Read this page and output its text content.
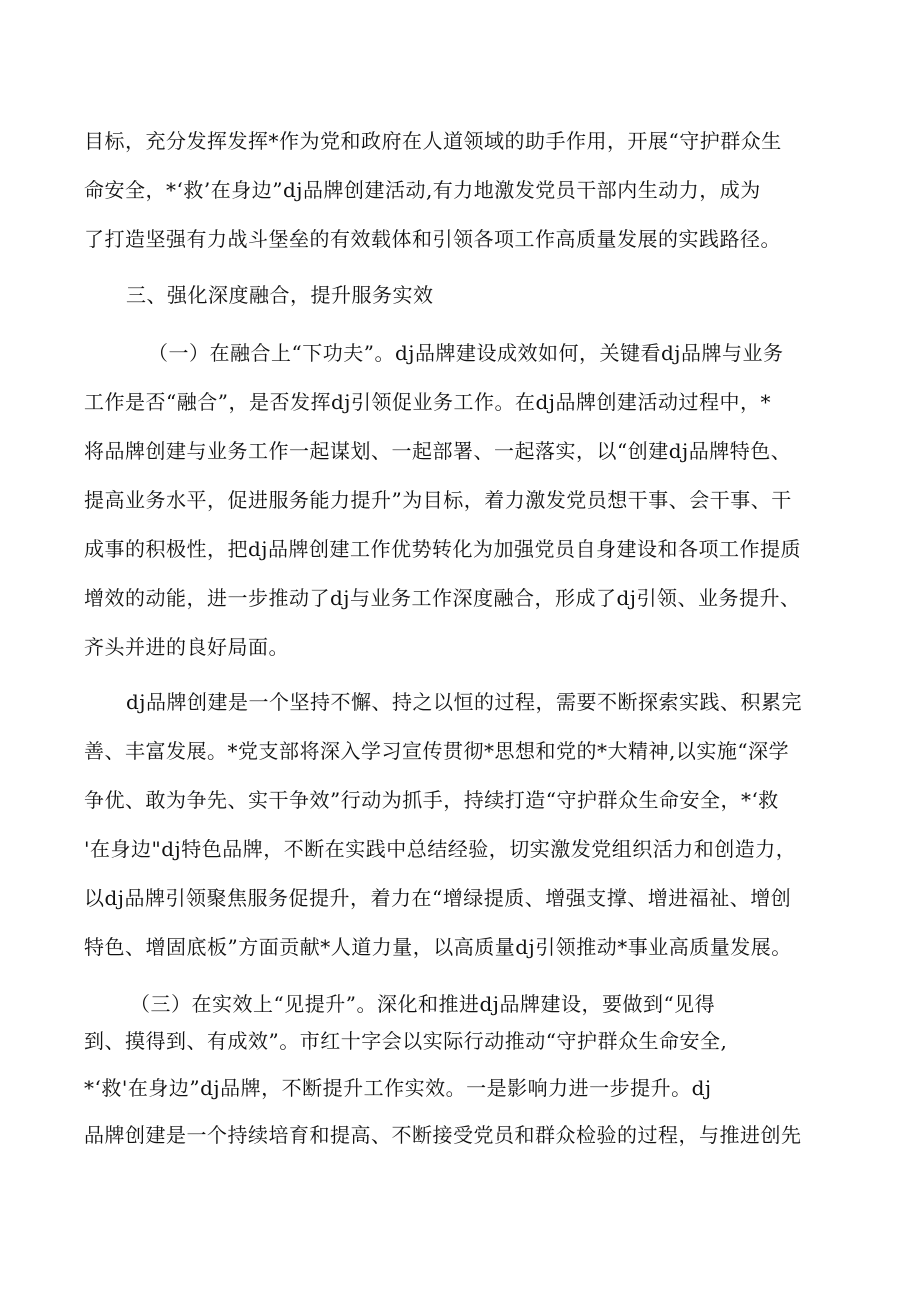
目标，充分发挥发挥*作为党和政府在人道领域的助手作用，开展“守护群众生
命安全，*‘救’在身边”dj品牌创建活动,有力地激发党员干部内生动力，成为
了打造坚强有力战斗堡垒的有效载体和引领各项工作高质量发展的实践路径。
三、强化深度融合，提升服务实效
（一）在融合上“下功夫”。dj品牌建设成效如何，关键看dj品牌与业务
工作是否“融合”，是否发挥dj引领促业务工作。在dj品牌创建活动过程中，*
将品牌创建与业务工作一起谋划、一起部署、一起落实，以“创建dj品牌特色、
提高业务水平，促进服务能力提升”为目标，着力激发党员想干事、会干事、干
成事的积极性，把dj品牌创建工作优势转化为加强党员自身建设和各项工作提质
增效的动能，进一步推动了dj与业务工作深度融合，形成了dj引领、业务提升、
齐头并进的良好局面。
dj品牌创建是一个坚持不懈、持之以恒的过程，需要不断探索实践、积累完
善、丰富发展。*党支部将深入学习宣传贯彻*思想和党的*大精神,以实施“深学
争优、敢为争先、实干争效”行动为抓手，持续打造“守护群众生命安全，*‘救
'在身边"dj特色品牌，不断在实践中总结经验，切实激发党组织活力和创造力，
以dj品牌引领聚焦服务促提升，着力在“增绿提质、增强支撑、增进福祉、增创
特色、增固底板”方面贡献*人道力量，以高质量dj引领推动*事业高质量发展。
（三）在实效上“见提升”。深化和推进dj品牌建设，要做到“见得
到、摸得到、有成效”。市红十字会以实际行动推动“守护群众生命安全,
*‘救'在身边”dj品牌，不断提升工作实效。一是影响力进一步提升。dj
品牌创建是一个持续培育和提高、不断接受党员和群众检验的过程，与推进创先
